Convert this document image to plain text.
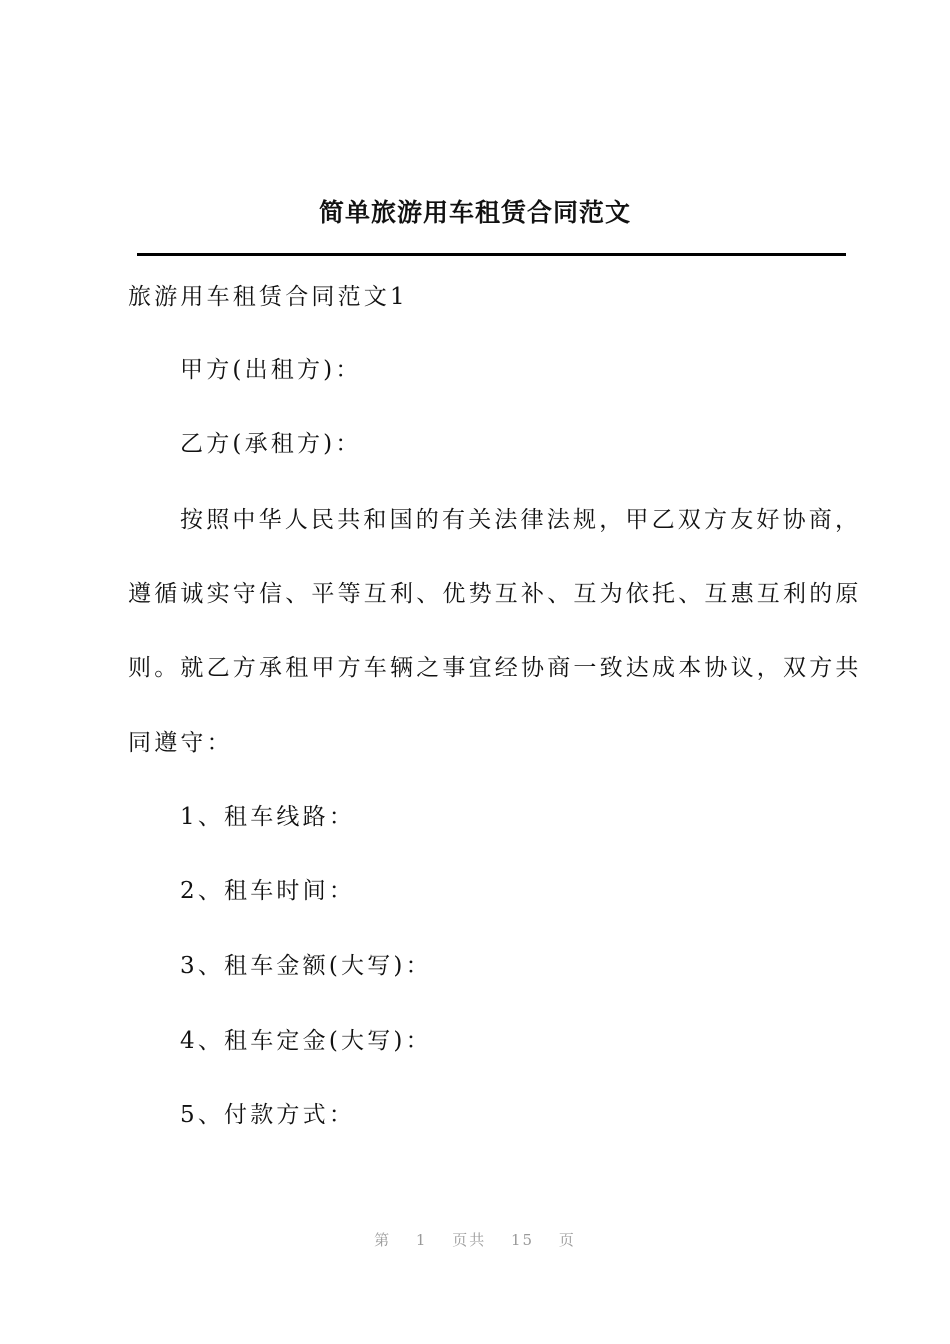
简单旅游用车租赁合同范文
旅游用车租赁合同范文1
甲方(出租方)：
乙方(承租方)：
按照中华人民共和国的有关法律法规，甲乙双方友好协商，
遵循诚实守信、平等互利、优势互补、互为依托、互惠互利的原
则。就乙方承租甲方车辆之事宜经协商一致达成本协议，双方共
同遵守：
1、租车线路：
2、租车时间：
3、租车金额(大写)：
4、租车定金(大写)：
5、付款方式：
第 1 页共 15 页
